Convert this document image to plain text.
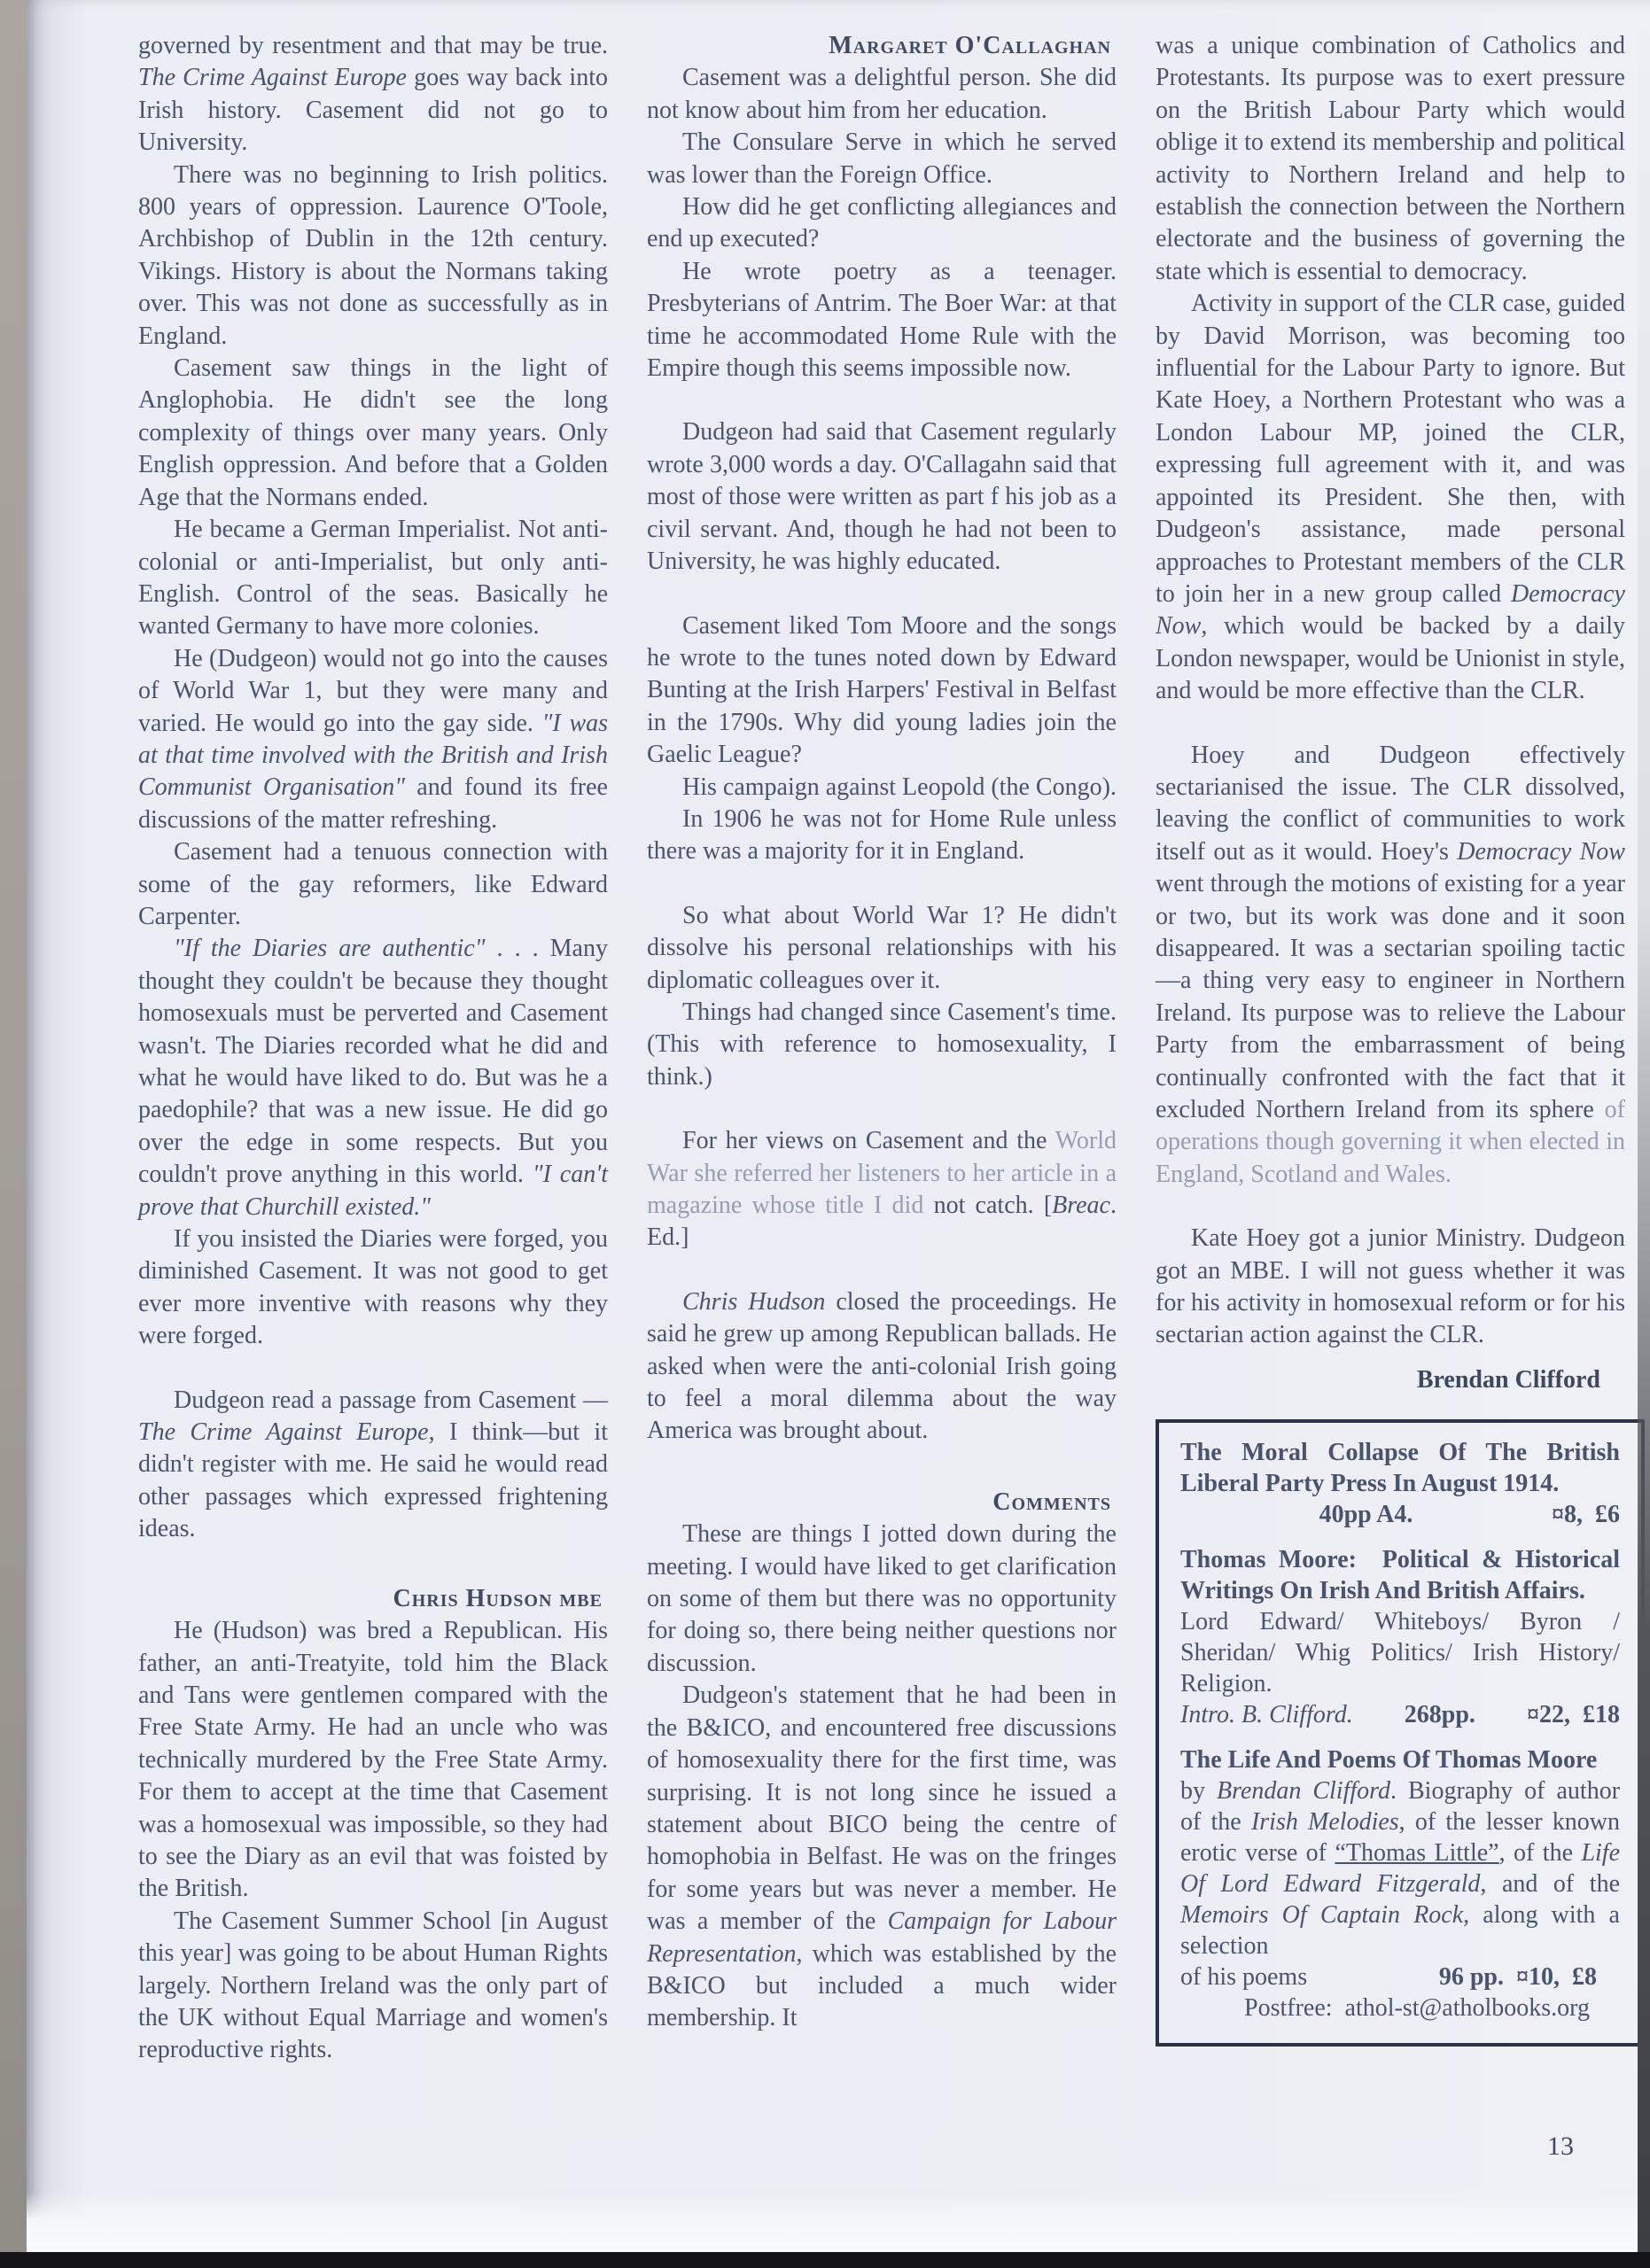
governed by resentment and that may be true. The Crime Against Europe goes way back into Irish history. Casement did not go to University.

There was no beginning to Irish politics. 800 years of oppression. Laurence O'Toole, Archbishop of Dublin in the 12th century. Vikings. History is about the Normans taking over. This was not done as successfully as in England.

Casement saw things in the light of Anglophobia. He didn't see the long complexity of things over many years. Only English oppression. And before that a Golden Age that the Normans ended.

He became a German Imperialist. Not anti-colonial or anti-Imperialist, but only anti-English. Control of the seas. Basically he wanted Germany to have more colonies.

He (Dudgeon) would not go into the causes of World War 1, but they were many and varied. He would go into the gay side. "I was at that time involved with the British and Irish Communist Organisation" and found its free discussions of the matter refreshing.

Casement had a tenuous connection with some of the gay reformers, like Edward Carpenter.

"If the Diaries are authentic" . . . Many thought they couldn't be because they thought homosexuals must be perverted and Casement wasn't. The Diaries recorded what he did and what he would have liked to do. But was he a paedophile? that was a new issue. He did go over the edge in some respects. But you couldn't prove anything in this world. "I can't prove that Churchill existed."

If you insisted the Diaries were forged, you diminished Casement. It was not good to get ever more inventive with reasons why they were forged.

Dudgeon read a passage from Casement —The Crime Against Europe, I think—but it didn't register with me. He said he would read other passages which expressed frightening ideas.

Chris Hudson mbe

He (Hudson) was bred a Republican. His father, an anti-Treatyite, told him the Black and Tans were gentlemen compared with the Free State Army. He had an uncle who was technically murdered by the Free State Army. For them to accept at the time that Casement was a homosexual was impossible, so they had to see the Diary as an evil that was foisted by the British.

The Casement Summer School [in August this year] was going to be about Human Rights largely. Northern Ireland was the only part of the UK without Equal Marriage and women's reproductive rights.

Margaret O'Callaghan

Casement was a delightful person. She did not know about him from her education.

The Consulare Serve in which he served was lower than the Foreign Office.

How did he get conflicting allegiances and end up executed?

He wrote poetry as a teenager. Presbyterians of Antrim. The Boer War: at that time he accommodated Home Rule with the Empire though this seems impossible now.

Dudgeon had said that Casement regularly wrote 3,000 words a day. O'Callagahn said that most of those were written as part f his job as a civil servant. And, though he had not been to University, he was highly educated.

Casement liked Tom Moore and the songs he wrote to the tunes noted down by Edward Bunting at the Irish Harpers' Festival in Belfast in the 1790s. Why did young ladies join the Gaelic League?

His campaign against Leopold (the Congo).

In 1906 he was not for Home Rule unless there was a majority for it in England.

So what about World War 1? He didn't dissolve his personal relationships with his diplomatic colleagues over it.

Things had changed since Casement's time. (This with reference to homosexuality, I think.)

For her views on Casement and the World War she referred her listeners to her article in a magazine whose title I did not catch. [Breac. Ed.]

Chris Hudson closed the proceedings. He said he grew up among Republican ballads. He asked when were the anti-colonial Irish going to feel a moral dilemma about the way America was brought about.

Comments

These are things I jotted down during the meeting. I would have liked to get clarification on some of them but there was no opportunity for doing so, there being neither questions nor discussion.

Dudgeon's statement that he had been in the B&ICO, and encountered free discussions of homosexuality there for the first time, was surprising. It is not long since he issued a statement about BICO being the centre of homophobia in Belfast. He was on the fringes for some years but was never a member. He was a member of the Campaign for Labour Representation, which was established by the B&ICO but included a much wider membership. It

was a unique combination of Catholics and Protestants. Its purpose was to exert pressure on the British Labour Party which would oblige it to extend its membership and political activity to Northern Ireland and help to establish the connection between the Northern electorate and the business of governing the state which is essential to democracy.

Activity in support of the CLR case, guided by David Morrison, was becoming too influential for the Labour Party to ignore. But Kate Hoey, a Northern Protestant who was a London Labour MP, joined the CLR, expressing full agreement with it, and was appointed its President. She then, with Dudgeon's assistance, made personal approaches to Protestant members of the CLR to join her in a new group called Democracy Now, which would be backed by a daily London newspaper, would be Unionist in style, and would be more effective than the CLR.

Hoey and Dudgeon effectively sectarianised the issue. The CLR dissolved, leaving the conflict of communities to work itself out as it would. Hoey's Democracy Now went through the motions of existing for a year or two, but its work was done and it soon disappeared. It was a sectarian spoiling tactic—a thing very easy to engineer in Northern Ireland. Its purpose was to relieve the Labour Party from the embarrassment of being continually confronted with the fact that it excluded Northern Ireland from its sphere of operations though governing it when elected in England, Scotland and Wales.

Kate Hoey got a junior Ministry. Dudgeon got an MBE. I will not guess whether it was for his activity in homosexual reform or for his sectarian action against the CLR.

Brendan Clifford

The Moral Collapse Of The British Liberal Party Press In August 1914.

40pp A4.	¤8,  £6

Thomas Moore:  Political & Historical Writings On Irish And British Affairs.

Lord Edward/ Whiteboys/ Byron / Sheridan/ Whig Politics/ Irish History/ Religion.

Intro. B. Clifford. 268pp. ¤22,  £18

The Life And Poems Of Thomas Moore

by Brendan Clifford. Biography of author of the Irish Melodies, of the lesser known erotic verse of “Thomas Little”, of the Life Of Lord Edward Fitzgerald, and of the Memoirs Of Captain Rock, along with a selection

of his poems	96 pp.  ¤10,  £8

Postfree:  athol-st@atholbooks.org

13
